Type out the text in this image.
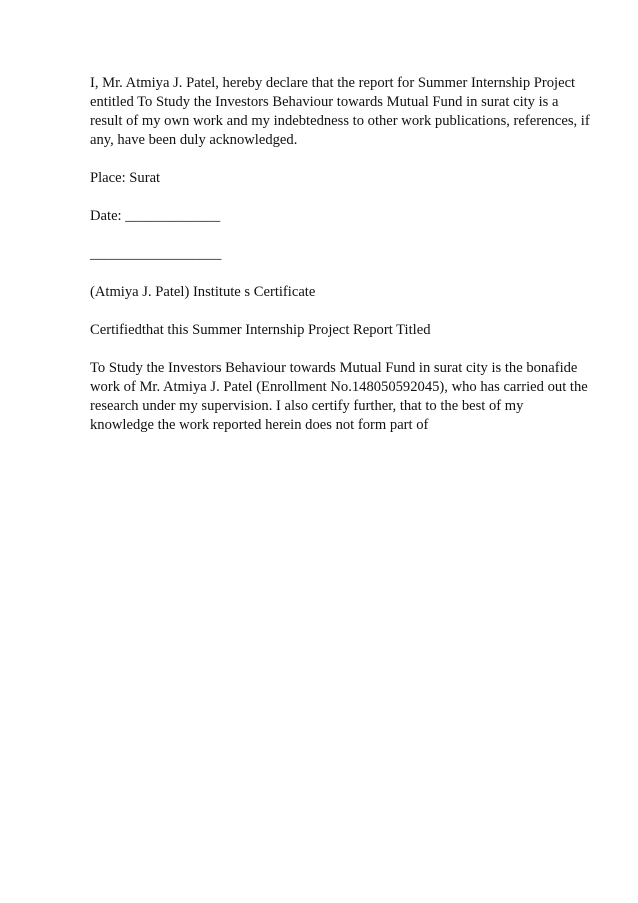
I, Mr. Atmiya J. Patel, hereby declare that the report for Summer Internship Project
entitled To Study the Investors Behaviour towards Mutual Fund in surat city is a
result of my own work and my indebtedness to other work publications, references, if
any, have been duly acknowledged.

Place: Surat

Date: _____________

__________________

(Atmiya J. Patel) Institute s Certificate

Certifiedthat this Summer Internship Project Report Titled

To Study the Investors Behaviour towards Mutual Fund in surat city is the bonafide
work of Mr. Atmiya J. Patel (Enrollment No.148050592045), who has carried out the
research under my supervision. I also certify further, that to the best of my
knowledge the work reported herein does not form part of
